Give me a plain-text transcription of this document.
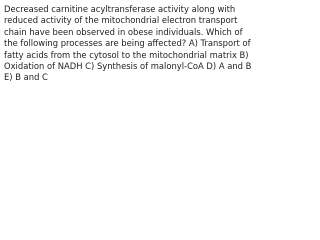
Decreased carnitine acyltransferase activity along with reduced activity of the mitochondrial electron transport chain have been observed in obese individuals. Which of the following processes are being affected? A) Transport of fatty acids from the cytosol to the mitochondrial matrix B) Oxidation of NADH C) Synthesis of malonyl-CoA D) A and B E) B and C
